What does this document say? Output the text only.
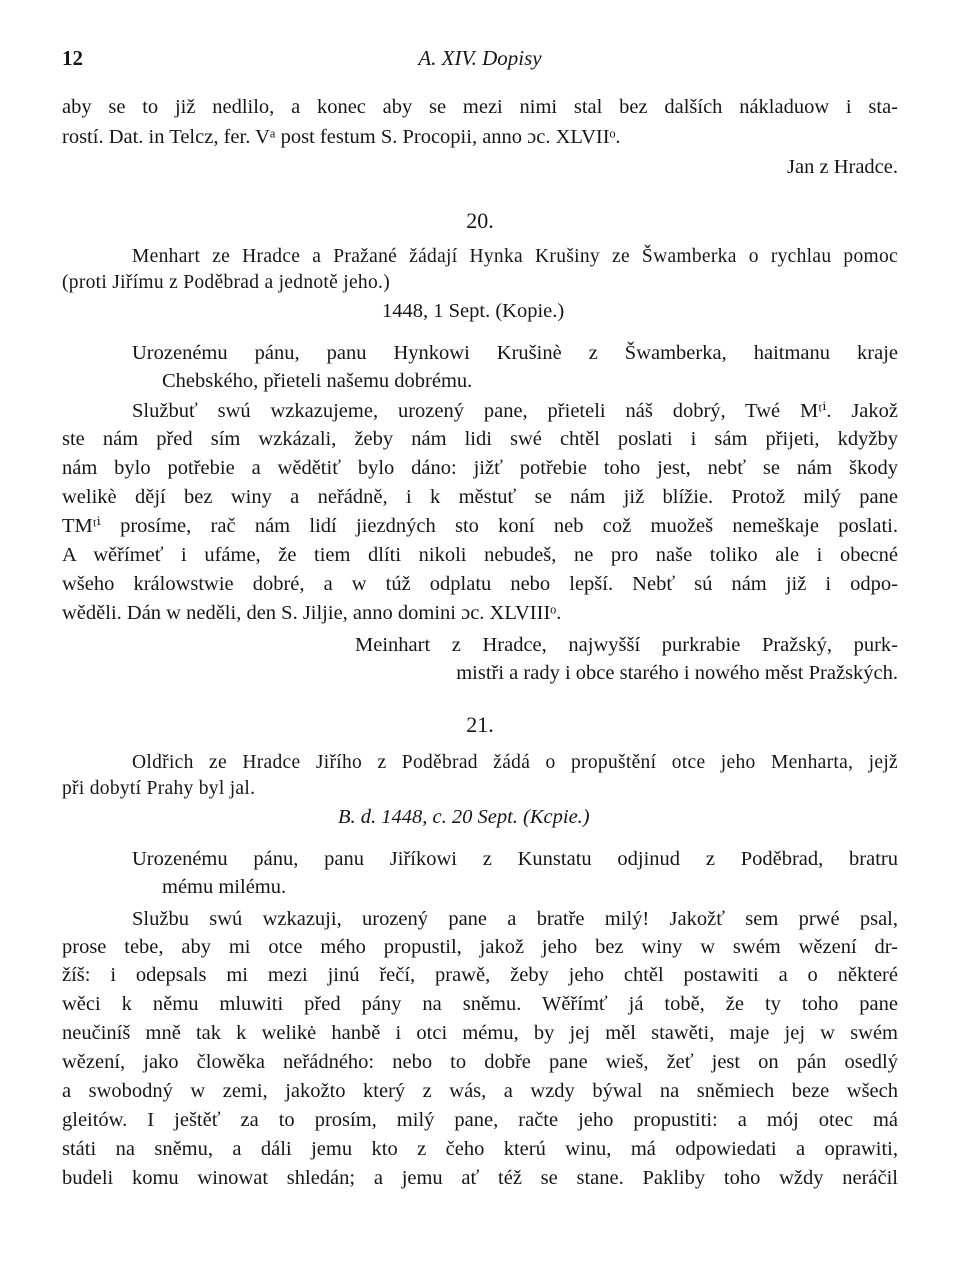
12	A. XIV. Dopisy
aby se to již nedlilo, a konec aby se mezi nimi stal bez dalších nákladuow i sta-
rostí. Dat. in Telcz, fer. Vᵃ post festum S. Procopii, anno ɔc. XLVIIᵒ.
Jan z Hradce.
20.
Menhart ze Hradce a Pražané žádají Hynka Krušiny ze Šwamberka o rychlau pomoc
(proti Jiřímu z Poděbrad a jednotě jeho.)
1448, 1 Sept. (Kopie.)
Urozenému pánu, panu Hynkowi Krušinè z Šwamberka, haitmanu kraje
Chebského, přieteli našemu dobrému.
Službuť swú wzkazujeme, urozený pane, přieteli náš dobrý, Twé Mᵗⁱ. Jakož
ste nám před sím wzkázali, žeby nám lidi swé chtěl poslati i sám přijeti, kdyžby
nám bylo potřebie a wědětiť bylo dáno: jižť potřebie toho jest, nebť se nám škody
welikè dějí bez winy a neřádně, i k městuť se nám již blížie. Protož milý pane
TMᵗⁱ prosíme, rač nám lidí jiezdných sto koní neb což muožeš nemeškaje poslati.
A wěřímeť i ufáme, že tiem dlíti nikoli nebudeš, ne pro naše toliko ale i obecné
wšeho králowstwie dobré, a w túž odplatu nebo lepší. Nebť sú nám již i odpo-
wěděli. Dán w neděli, den S. Jiljie, anno domini ɔc. XLVIIIᵒ.
Meinhart z Hradce, najwyšší purkrabie Pražský, purk-
mistři a rady i obce starého i nowého měst Pražských.
21.
Oldřich ze Hradce Jiřího z Poděbrad žádá o propuštění otce jeho Menharta, jejž
při dobytí Prahy byl jal.
B. d. 1448, c. 20 Sept. (Kcpie.)
Urozenému pánu, panu Jiříkowi z Kunstatu odjinud z Poděbrad, bratru
mému milému.
Službu swú wzkazuji, urozený pane a bratře milý! Jakožť sem prwé psal,
prose tebe, aby mi otce mého propustil, jakož jeho bez winy w swém wězení dr-
žíš: i odepsals mi mezi jinú řečí, prawě, žeby jeho chtěl postawiti a o některé
wěci k němu mluwiti před pány na sněmu. Wěřímť já tobě, že ty toho pane
neučiníš mně tak k welikė hanbě i otci mému, by jej měl stawěti, maje jej w swém
wězení, jako člowěka neřádného: nebo to dobře pane wieš, žeť jest on pán osedlý
a swobodný w zemi, jakožto který z wás, a wzdy býwal na sněmiech beze wšech
gleitów. I ještěť za to prosím, milý pane, račte jeho propustiti: a mój otec má
státi na sněmu, a dáli jemu kto z čeho kterú winu, má odpowiedati a oprawiti,
budeli komu winowat shledán; a jemu ať též se stane. Pakliby toho wždy neráčil
